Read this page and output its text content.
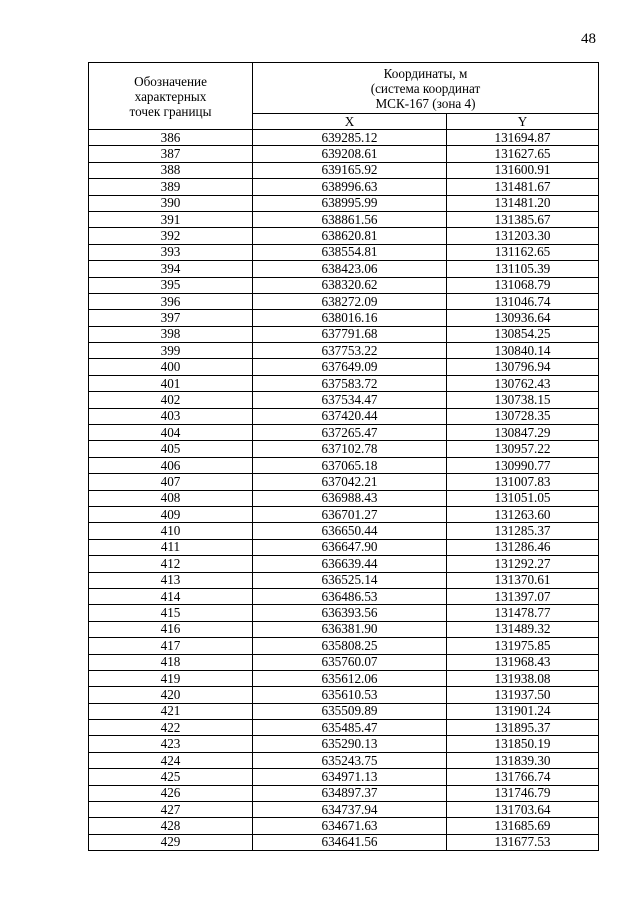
48
Обозначение
характерных
точек границы	Координаты, м
(система координат
МСК-167 (зона 4)	

	X	Y
386	639285.12	131694.87
387	639208.61	131627.65
388	639165.92	131600.91
389	638996.63	131481.67
390	638995.99	131481.20
391	638861.56	131385.67
392	638620.81	131203.30
393	638554.81	131162.65
394	638423.06	131105.39
395	638320.62	131068.79
396	638272.09	131046.74
397	638016.16	130936.64
398	637791.68	130854.25
399	637753.22	130840.14
400	637649.09	130796.94
401	637583.72	130762.43
402	637534.47	130738.15
403	637420.44	130728.35
404	637265.47	130847.29
405	637102.78	130957.22
406	637065.18	130990.77
407	637042.21	131007.83
408	636988.43	131051.05
409	636701.27	131263.60
410	636650.44	131285.37
411	636647.90	131286.46
412	636639.44	131292.27
413	636525.14	131370.61
414	636486.53	131397.07
415	636393.56	131478.77
416	636381.90	131489.32
417	635808.25	131975.85
418	635760.07	131968.43
419	635612.06	131938.08
420	635610.53	131937.50
421	635509.89	131901.24
422	635485.47	131895.37
423	635290.13	131850.19
424	635243.75	131839.30
425	634971.13	131766.74
426	634897.37	131746.79
427	634737.94	131703.64
428	634671.63	131685.69
429	634641.56	131677.53
